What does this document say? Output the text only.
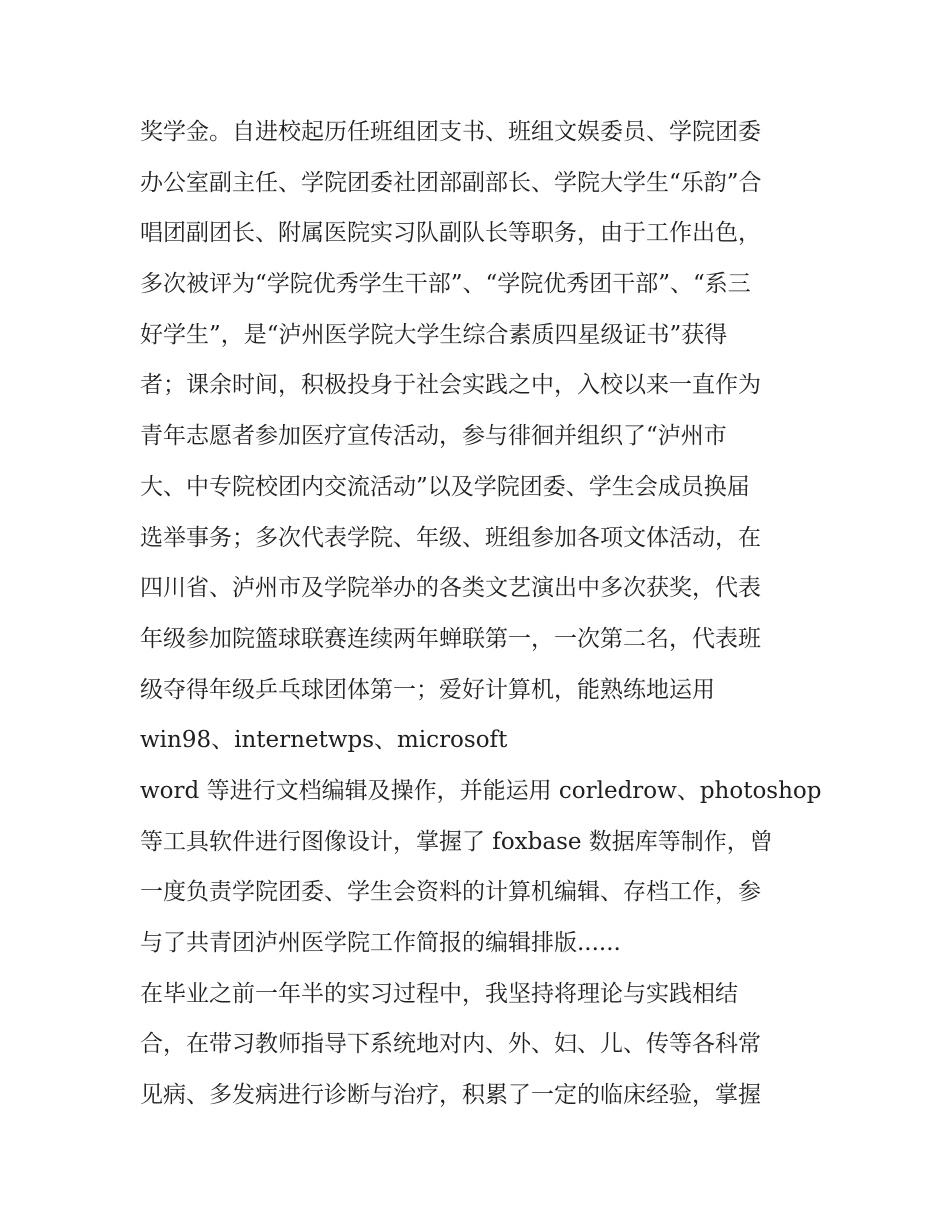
奖学金。自进校起历任班组团支书、班组文娱委员、学院团委

办公室副主任、学院团委社团部副部长、学院大学生“乐韵”合

唱团副团长、附属医院实习队副队长等职务，由于工作出色，

多次被评为“学院优秀学生干部”、“学院优秀团干部”、“系三

好学生”，是“泸州医学院大学生综合素质四星级证书”获得

者；课余时间，积极投身于社会实践之中，入校以来一直作为

青年志愿者参加医疗宣传活动，参与徘徊并组织了“泸州市

大、中专院校团内交流活动”以及学院团委、学生会成员换届

选举事务；多次代表学院、年级、班组参加各项文体活动，在

四川省、泸州市及学院举办的各类文艺演出中多次获奖，代表

年级参加院篮球联赛连续两年蝉联第一，一次第二名，代表班

级夺得年级乒乓球团体第一；爱好计算机，能熟练地运用

win98、internetwps、microsoft

word 等进行文档编辑及操作，并能运用 corledrow、photoshop

等工具软件进行图像设计，掌握了 foxbase 数据库等制作，曾

一度负责学院团委、学生会资料的计算机编辑、存档工作，参

与了共青团泸州医学院工作简报的编辑排版......

在毕业之前一年半的实习过程中，我坚持将理论与实践相结

合，在带习教师指导下系统地对内、外、妇、儿、传等各科常

见病、多发病进行诊断与治疗，积累了一定的临床经验，掌握
